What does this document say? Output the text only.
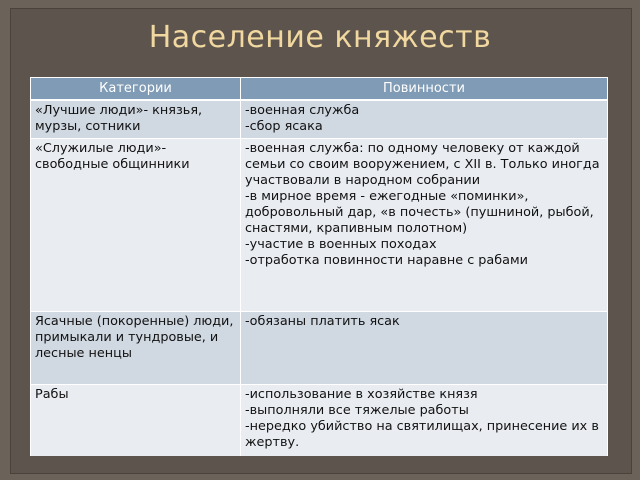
Население княжеств
Категории	Повинности
«Лучшие люди»- князья, мурзы, сотники	-военная служба
-сбор ясака

«Служилые люди»- свободные общинники	-военная служба: по одному человеку от каждой семьи со своим вооружением, с XII в. Только иногда участвовали в народном собрании
-в мирное время - ежегодные «поминки», добровольный дар, «в почесть» (пушниной, рыбой, снастями, крапивным полотном)
-участие в военных походах
-отработка повинности наравне с рабами

Ясачные (покоренные) люди, примыкали и тундровые, и лесные ненцы	-обязаны платить ясак

Рабы	-использование в хозяйстве князя
-выполняли все тяжелые работы
-нередко убийство на святилищах, принесение их в жертву.
